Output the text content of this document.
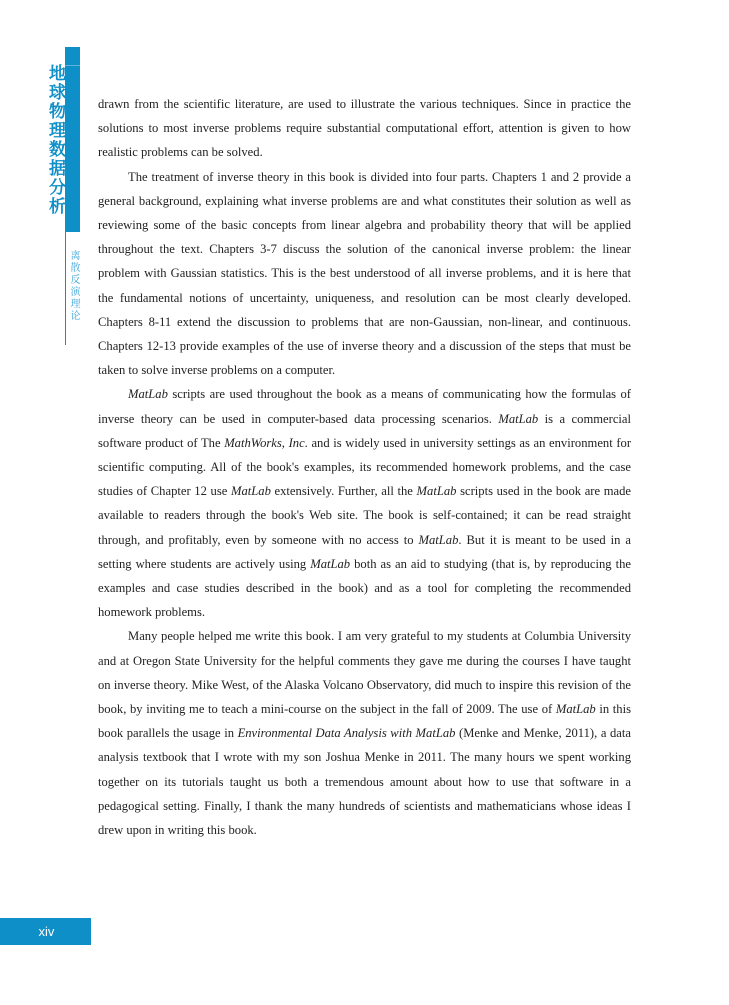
地球物理数据分析
离散反演理论

drawn from the scientific literature, are used to illustrate the various techniques. Since in practice the solutions to most inverse problems require substantial computational effort, attention is given to how realistic problems can be solved.

The treatment of inverse theory in this book is divided into four parts. Chapters 1 and 2 provide a general background, explaining what inverse problems are and what constitutes their solution as well as reviewing some of the basic concepts from linear algebra and probability theory that will be applied throughout the text. Chapters 3-7 discuss the solution of the canonical inverse problem: the linear problem with Gaussian statistics. This is the best understood of all inverse problems, and it is here that the fundamental notions of uncertainty, uniqueness, and resolution can be most clearly developed. Chapters 8-11 extend the discussion to problems that are non-Gaussian, non-linear, and continuous. Chapters 12-13 provide examples of the use of inverse theory and a discussion of the steps that must be taken to solve inverse problems on a computer.

MatLab scripts are used throughout the book as a means of communicating how the formulas of inverse theory can be used in computer-based data processing scenarios. MatLab is a commercial software product of The MathWorks, Inc. and is widely used in university settings as an environment for scientific computing. All of the book's examples, its recommended homework problems, and the case studies of Chapter 12 use MatLab extensively. Further, all the MatLab scripts used in the book are made available to readers through the book's Web site. The book is self-contained; it can be read straight through, and profitably, even by someone with no access to MatLab. But it is meant to be used in a setting where students are actively using MatLab both as an aid to studying (that is, by reproducing the examples and case studies described in the book) and as a tool for completing the recommended homework problems.

Many people helped me write this book. I am very grateful to my students at Columbia University and at Oregon State University for the helpful comments they gave me during the courses I have taught on inverse theory. Mike West, of the Alaska Volcano Observatory, did much to inspire this revision of the book, by inviting me to teach a mini-course on the subject in the fall of 2009. The use of MatLab in this book parallels the usage in Environmental Data Analysis with MatLab (Menke and Menke, 2011), a data analysis textbook that I wrote with my son Joshua Menke in 2011. The many hours we spent working together on its tutorials taught us both a tremendous amount about how to use that software in a pedagogical setting. Finally, I thank the many hundreds of scientists and mathematicians whose ideas I drew upon in writing this book.

xiv
